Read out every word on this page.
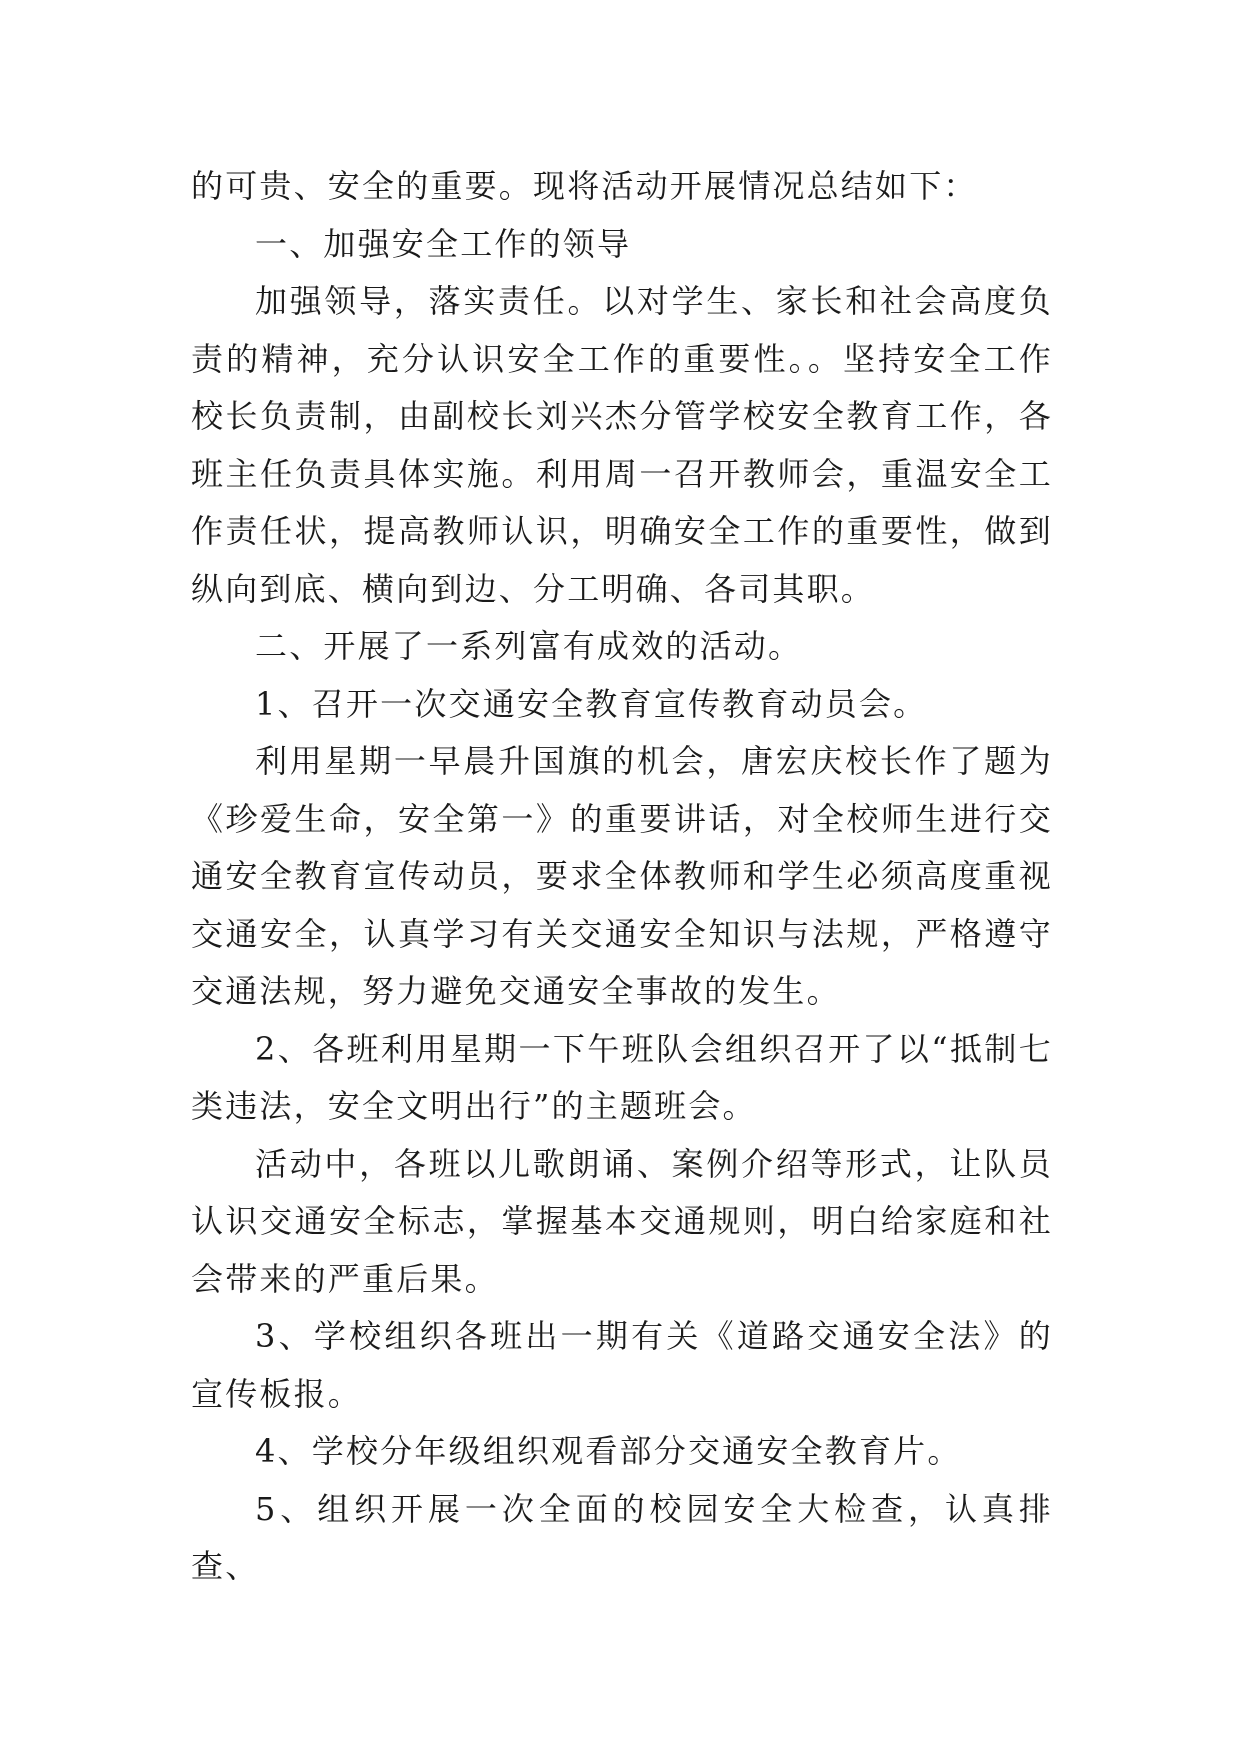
的可贵、安全的重要。现将活动开展情况总结如下：

一、加强安全工作的领导

加强领导，落实责任。以对学生、家长和社会高度负责的精神，充分认识安全工作的重要性。。坚持安全工作校长负责制，由副校长刘兴杰分管学校安全教育工作，各班主任负责具体实施。利用周一召开教师会，重温安全工作责任状，提高教师认识，明确安全工作的重要性，做到纵向到底、横向到边、分工明确、各司其职。

二、开展了一系列富有成效的活动。

1、召开一次交通安全教育宣传教育动员会。

利用星期一早晨升国旗的机会，唐宏庆校长作了题为《珍爱生命，安全第一》的重要讲话，对全校师生进行交通安全教育宣传动员，要求全体教师和学生必须高度重视交通安全，认真学习有关交通安全知识与法规，严格遵守交通法规，努力避免交通安全事故的发生。

2、各班利用星期一下午班队会组织召开了以“抵制七类违法，安全文明出行”的主题班会。

活动中，各班以儿歌朗诵、案例介绍等形式，让队员认识交通安全标志，掌握基本交通规则，明白给家庭和社会带来的严重后果。

3、学校组织各班出一期有关《道路交通安全法》的宣传板报。

4、学校分年级组织观看部分交通安全教育片。

5、组织开展一次全面的校园安全大检查，认真排查、
